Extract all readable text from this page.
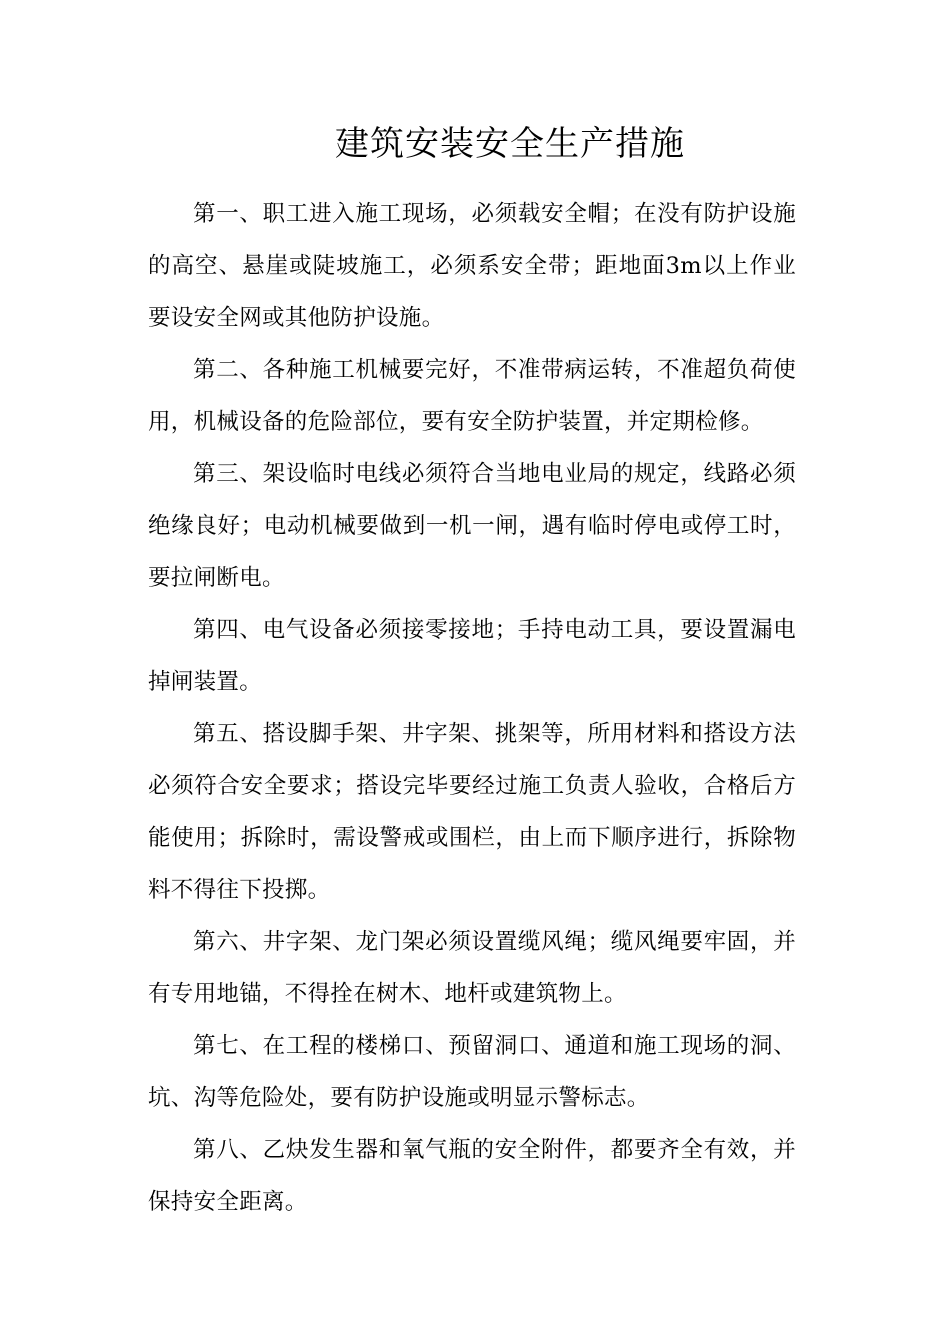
建筑安装安全生产措施

第一、职工进入施工现场，必须载安全帽；在没有防护设施的高空、悬崖或陡坡施工，必须系安全带；距地面3m以上作业要设安全网或其他防护设施。

第二、各种施工机械要完好，不准带病运转，不准超负荷使用，机械设备的危险部位，要有安全防护装置，并定期检修。

第三、架设临时电线必须符合当地电业局的规定，线路必须绝缘良好；电动机械要做到一机一闸，遇有临时停电或停工时，要拉闸断电。

第四、电气设备必须接零接地；手持电动工具，要设置漏电掉闸装置。

第五、搭设脚手架、井字架、挑架等，所用材料和搭设方法必须符合安全要求；搭设完毕要经过施工负责人验收，合格后方能使用；拆除时，需设警戒或围栏，由上而下顺序进行，拆除物料不得往下投掷。

第六、井字架、龙门架必须设置缆风绳；缆风绳要牢固，并有专用地锚，不得拴在树木、地杆或建筑物上。

第七、在工程的楼梯口、预留洞口、通道和施工现场的洞、坑、沟等危险处，要有防护设施或明显示警标志。

第八、乙炔发生器和氧气瓶的安全附件，都要齐全有效，并保持安全距离。
